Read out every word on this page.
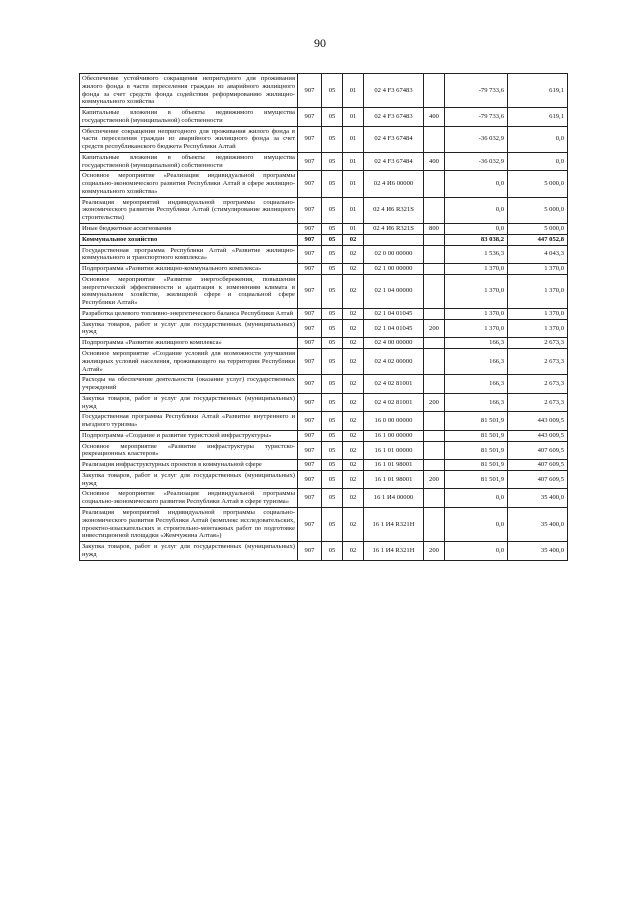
90
Обеспечение устойчивого сокращения непригодного для проживания жилого фонда в части переселения граждан из аварийного жилищного фонда за счет средств фонда содействия реформированию жилищно-коммунального хозяйства	907	05	01	02 4 F3 67483		-79 733,6	619,1
Капитальные вложения в объекты недвижимого имущества государственной (муниципальной) собственности	907	05	01	02 4 F3 67483	400	-79 733,6	619,1
Обеспечение сокращения непригодного для проживания жилого фонда в части переселения граждан из аварийного жилищного фонда за счет средств республиканского бюджета Республики Алтай	907	05	01	02 4 F3 67484		-36 032,9	0,0
Капитальные вложения в объекты недвижимого имущества государственной (муниципальной) собственности	907	05	01	02 4 F3 67484	400	-36 032,9	0,0
Основное мероприятие «Реализация индивидуальной программы социально-экономического развития Республики Алтай в сфере жилищно-коммунального хозяйства»	907	05	01	02 4 И6 00000		0,0	5 000,0
Реализация мероприятий индивидуальной программы социально-экономического развития Республики Алтай (стимулирование жилищного строительства)	907	05	01	02 4 И6 R321S		0,0	5 000,0
Иные бюджетные ассигнования	907	05	01	02 4 И6 R321S	800	0,0	5 000,0
Коммунальное хозяйство	907	05	02			83 038,2	447 052,8
Государственная программа Республики Алтай «Развитие жилищно-коммунального и транспортного комплекса»	907	05	02	02 0 00 00000		1 536,3	4 043,3
Подпрограмма «Развитие жилищно-коммунального комплекса»	907	05	02	02 1 00 00000		1 370,0	1 370,0
Основное мероприятие «Развитие энергосбережения, повышения энергетической эффективности и адаптация к изменениям климата в коммунальном хозяйстве, жилищной сфере и социальной сфере Республики Алтай»	907	05	02	02 1 04 00000		1 370,0	1 370,0
Разработка целевого топливно-энергетического баланса Республики Алтай	907	05	02	02 1 04 01045		1 370,0	1 370,0
Закупка товаров, работ и услуг для государственных (муниципальных) нужд	907	05	02	02 1 04 01045	200	1 370,0	1 370,0
Подпрограмма «Развитие жилищного комплекса»	907	05	02	02 4 00 00000		166,3	2 673,3
Основное мероприятие «Создание условий для возможности улучшения жилищных условий населения, проживающего на территории Республики Алтай»	907	05	02	02 4 02 00000		166,3	2 673,3
Расходы на обеспечение деятельности (оказание услуг) государственных учреждений	907	05	02	02 4 02 81001		166,3	2 673,3
Закупка товаров, работ и услуг для государственных (муниципальных) нужд	907	05	02	02 4 02 81001	200	166,3	2 673,3
Государственная программа Республики Алтай «Развитие внутреннего и въездного туризма»	907	05	02	16 0 00 00000		81 501,9	443 009,5
Подпрограмма «Создание и развитие туристской инфраструктуры»	907	05	02	16 1 00 00000		81 501,9	443 009,5
Основное мероприятие «Развитие инфраструктуры туристско-рекреационных кластеров»	907	05	02	16 1 01 00000		81 501,9	407 609,5
Реализация инфраструктурных проектов в коммунальной сфере	907	05	02	16 1 01 98001		81 501,9	407 609,5
Закупка товаров, работ и услуг для государственных (муниципальных) нужд	907	05	02	16 1 01 98001	200	81 501,9	407 609,5
Основное мероприятие «Реализация индивидуальной программы социально-экономического развития Республики Алтай в сфере туризма»	907	05	02	16 1 И4 00000		0,0	35 400,0
Реализация мероприятий индивидуальной программы социально-экономического развития Республики Алтай (комплекс исследовательских, проектно-изыскательских и строительно-монтажных работ по подготовке инвестиционной площадки «Жемчужина Алтая»)	907	05	02	16 1 И4 R321Н		0,0	35 400,0
Закупка товаров, работ и услуг для государственных (муниципальных) нужд	907	05	02	16 1 И4 R321Н	200	0,0	35 400,0
